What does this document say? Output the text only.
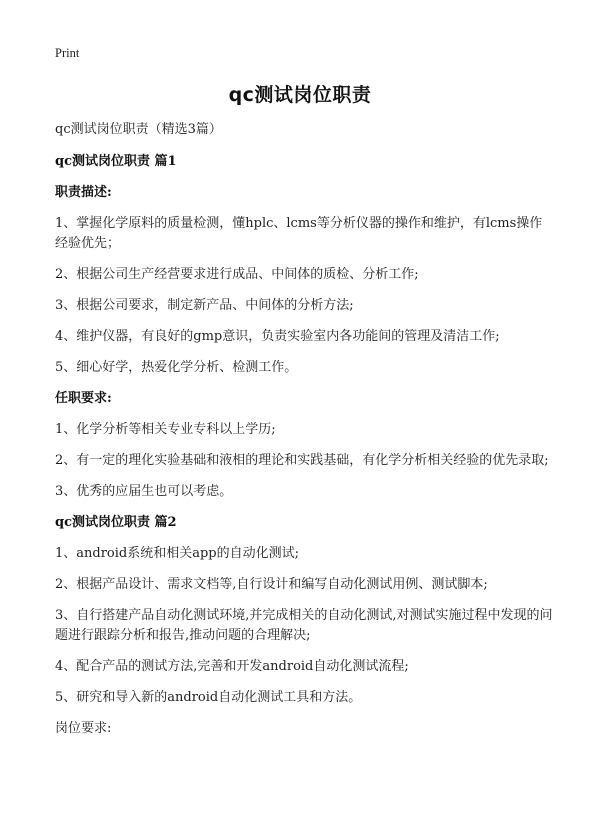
Print
qc测试岗位职责

qc测试岗位职责（精选3篇）

qc测试岗位职责 篇1

职责描述:

1、掌握化学原料的质量检测，懂hplc、lcms等分析仪器的操作和维护，有lcms操作经验优先；

2、根据公司生产经营要求进行成品、中间体的质检、分析工作;

3、根据公司要求，制定新产品、中间体的分析方法;

4、维护仪器，有良好的gmp意识，负责实验室内各功能间的管理及清洁工作;

5、细心好学，热爱化学分析、检测工作。

任职要求:

1、化学分析等相关专业专科以上学历;

2、有一定的理化实验基础和液相的理论和实践基础，有化学分析相关经验的优先录取;

3、优秀的应届生也可以考虑。

qc测试岗位职责 篇2

1、android系统和相关app的自动化测试;

2、根据产品设计、需求文档等,自行设计和编写自动化测试用例、测试脚本;

3、自行搭建产品自动化测试环境,并完成相关的自动化测试,对测试实施过程中发现的问题进行跟踪分析和报告,推动问题的合理解决;

4、配合产品的测试方法,完善和开发android自动化测试流程;

5、研究和导入新的android自动化测试工具和方法。

岗位要求:
